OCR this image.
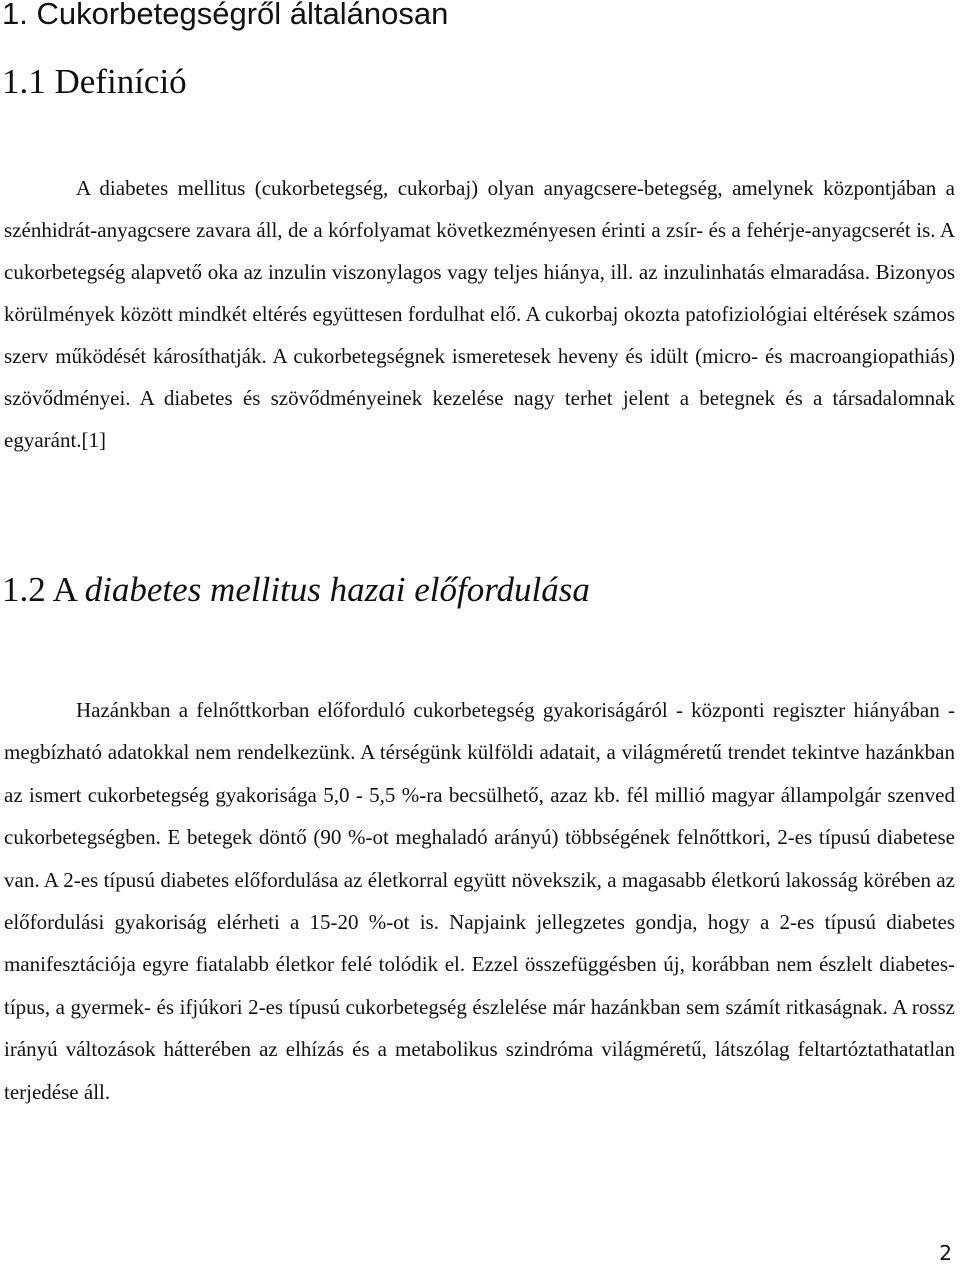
1. Cukorbetegségről általánosan
1.1 Definíció

A diabetes mellitus (cukorbetegség, cukorbaj) olyan anyagcsere-betegség, amelynek központjában a szénhidrát-anyagcsere zavara áll, de a kórfolyamat következményesen érinti a zsír- és a fehérje-anyagcserét is. A cukorbetegség alapvető oka az inzulin viszonylagos vagy teljes hiánya, ill. az inzulinhatás elmaradása. Bizonyos körülmények között mindkét eltérés együttesen fordulhat elő. A cukorbaj okozta patofiziológiai eltérések számos szerv működését károsíthatják. A cukorbetegségnek ismeretesek heveny és idült (micro- és macroangiopathiás) szövődményei. A diabetes és szövődményeinek kezelése nagy terhet jelent a betegnek és a társadalomnak egyaránt.[1]

1.2 A diabetes mellitus hazai előfordulása

Hazánkban a felnőttkorban előforduló cukorbetegség gyakoriságáról - központi regiszter hiányában - megbízható adatokkal nem rendelkezünk. A térségünk külföldi adatait, a világméretű trendet tekintve hazánkban az ismert cukorbetegség gyakorisága 5,0 - 5,5 %-ra becsülhető, azaz kb. fél millió magyar állampolgár szenved cukorbetegségben. E betegek döntő (90 %-ot meghaladó arányú) többségének felnőttkori, 2-es típusú diabetese van. A 2-es típusú diabetes előfordulása az életkorral együtt növekszik, a magasabb életkorú lakosság körében az előfordulási gyakoriság elérheti a 15-20 %-ot is. Napjaink jellegzetes gondja, hogy a 2-es típusú diabetes manifesztációja egyre fiatalabb életkor felé tolódik el. Ezzel összefüggésben új, korábban nem észlelt diabetes-típus, a gyermek- és ifjúkori 2-es típusú cukorbetegség észlelése már hazánkban sem számít ritkaságnak. A rossz irányú változások hátterében az elhízás és a metabolikus szindróma világméretű, látszólag feltartóztathatatlan terjedése áll.

2
